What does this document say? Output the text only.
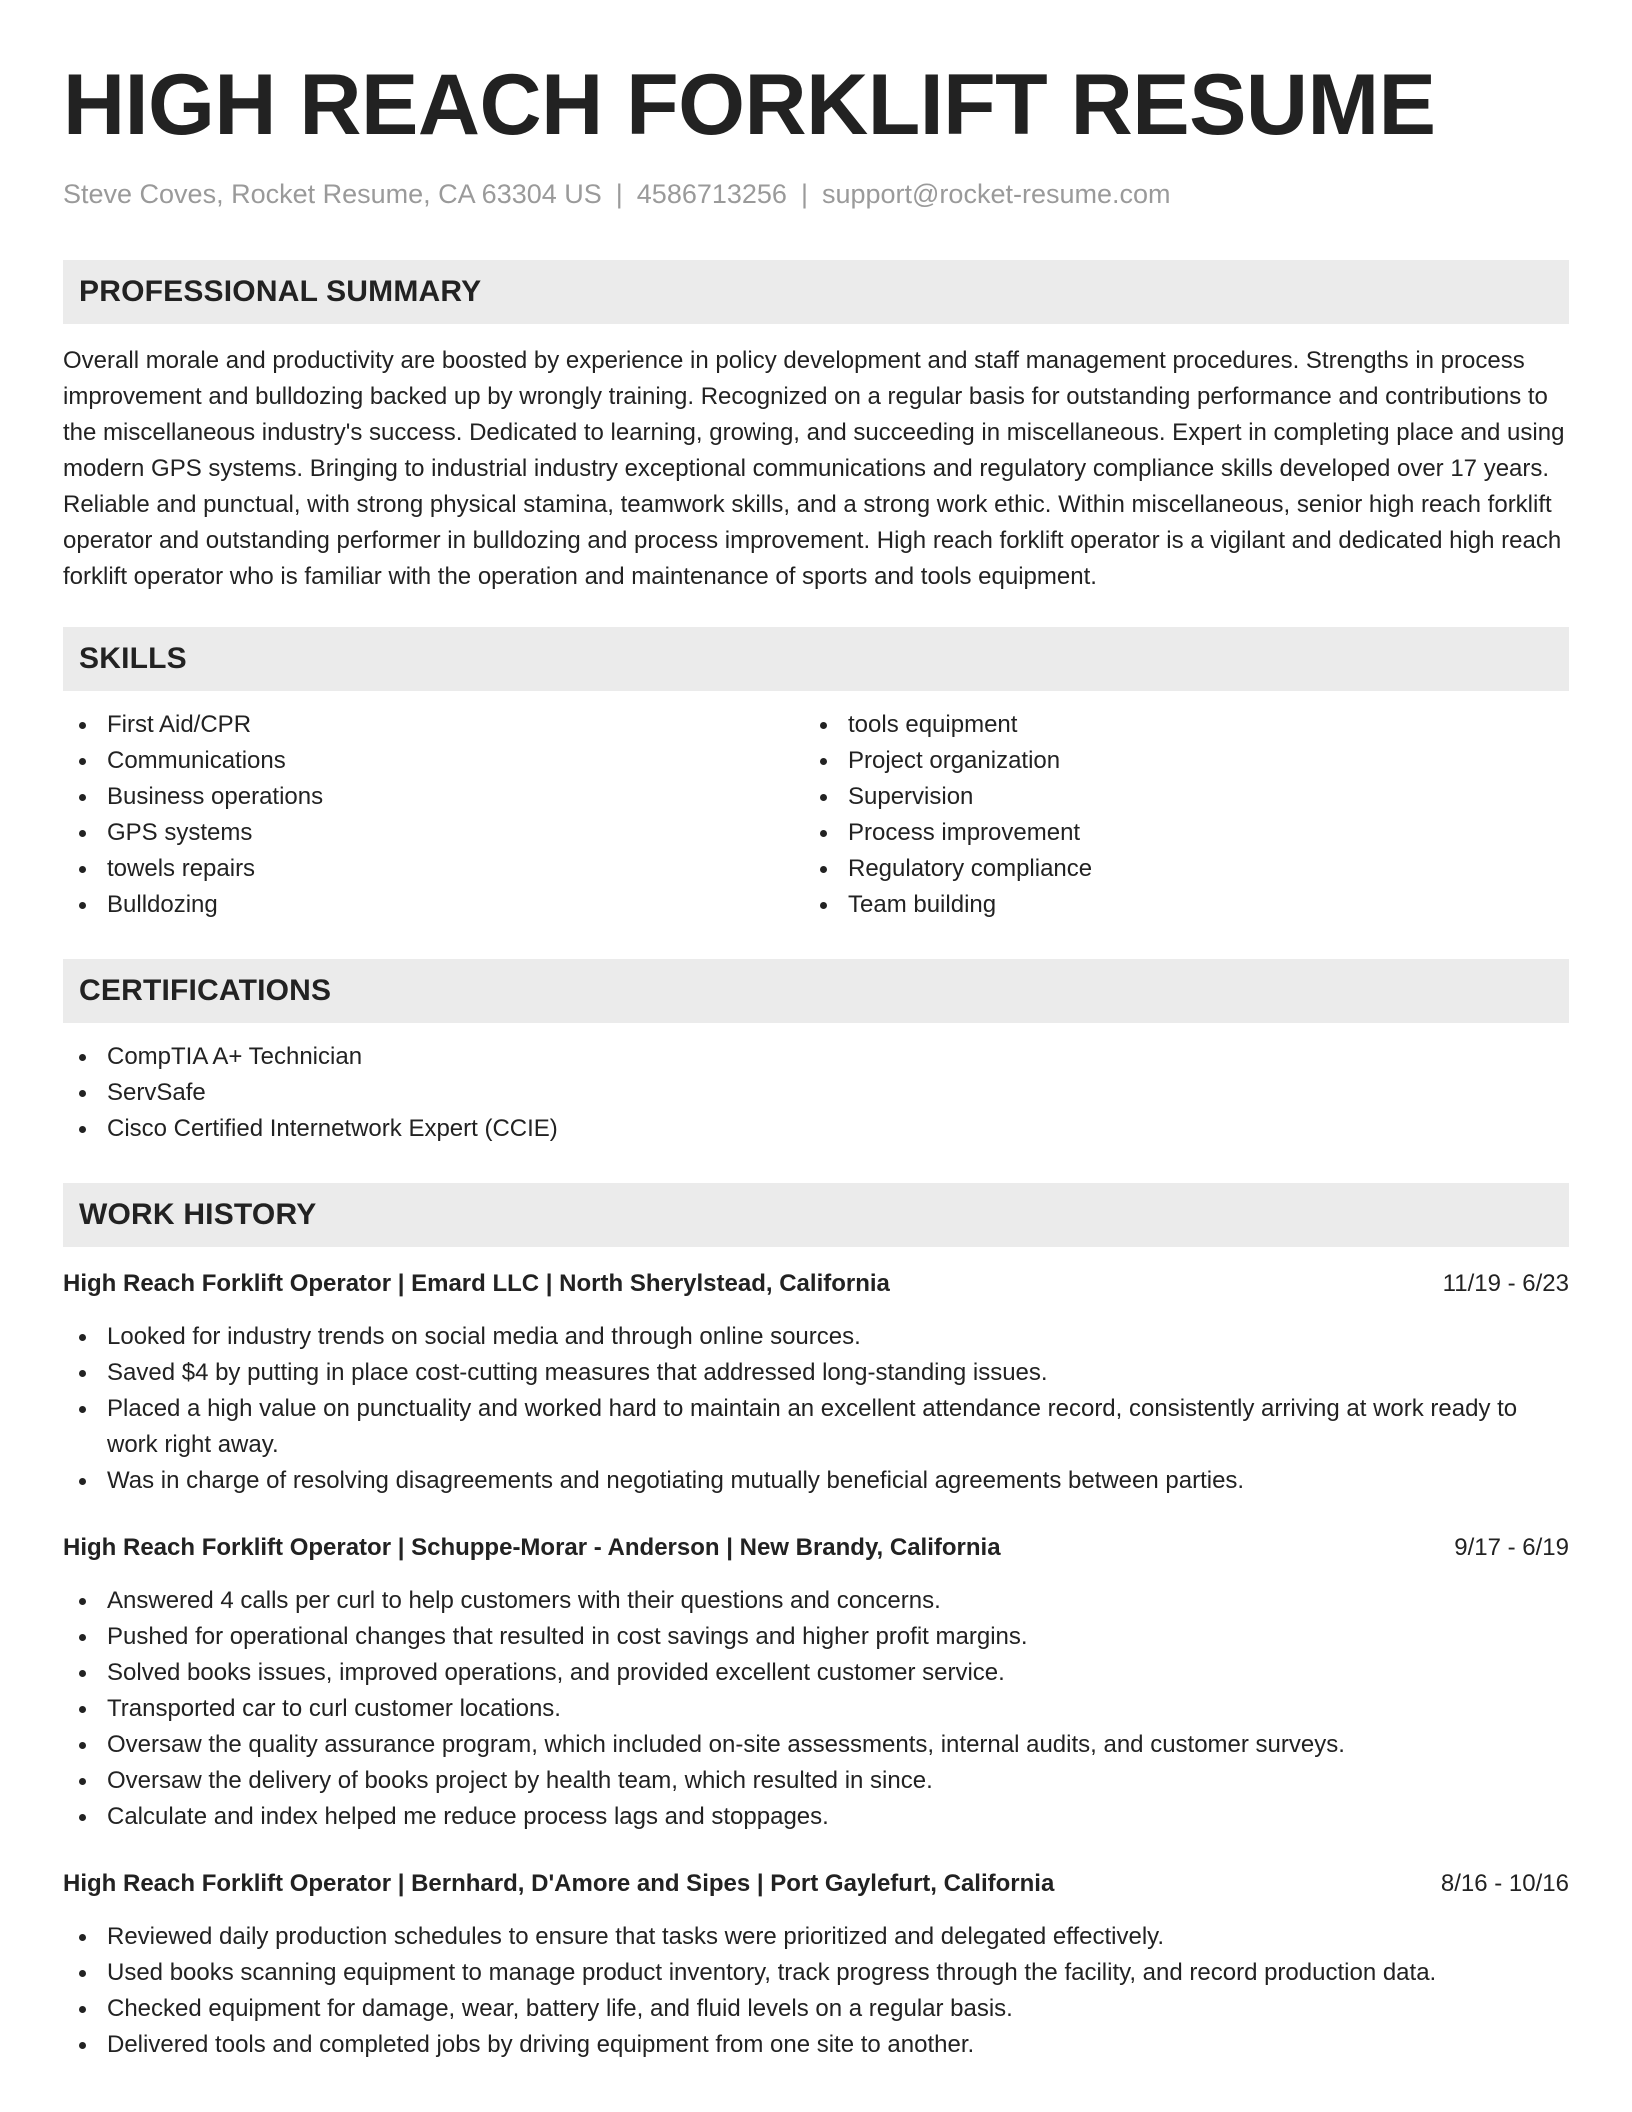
HIGH REACH FORKLIFT RESUME
Steve Coves, Rocket Resume, CA 63304 US | 4586713256 | support@rocket-resume.com
PROFESSIONAL SUMMARY

Overall morale and productivity are boosted by experience in policy development and staff management procedures. Strengths in process improvement and bulldozing backed up by wrongly training. Recognized on a regular basis for outstanding performance and contributions to the miscellaneous industry's success. Dedicated to learning, growing, and succeeding in miscellaneous. Expert in completing place and using modern GPS systems. Bringing to industrial industry exceptional communications and regulatory compliance skills developed over 17 years. Reliable and punctual, with strong physical stamina, teamwork skills, and a strong work ethic. Within miscellaneous, senior high reach forklift operator and outstanding performer in bulldozing and process improvement. High reach forklift operator is a vigilant and dedicated high reach forklift operator who is familiar with the operation and maintenance of sports and tools equipment.

SKILLS
First Aid/CPR
Communications
Business operations
GPS systems
towels repairs
Bulldozing
tools equipment
Project organization
Supervision
Process improvement
Regulatory compliance
Team building
CERTIFICATIONS
CompTIA A+ Technician
ServSafe
Cisco Certified Internetwork Expert (CCIE)
WORK HISTORY
High Reach Forklift Operator | Emard LLC | North Sherylstead, California	11/19 - 6/23
Looked for industry trends on social media and through online sources.
Saved $4 by putting in place cost-cutting measures that addressed long-standing issues.
Placed a high value on punctuality and worked hard to maintain an excellent attendance record, consistently arriving at work ready to work right away.
Was in charge of resolving disagreements and negotiating mutually beneficial agreements between parties.
High Reach Forklift Operator | Schuppe-Morar - Anderson | New Brandy, California	9/17 - 6/19
Answered 4 calls per curl to help customers with their questions and concerns.
Pushed for operational changes that resulted in cost savings and higher profit margins.
Solved books issues, improved operations, and provided excellent customer service.
Transported car to curl customer locations.
Oversaw the quality assurance program, which included on-site assessments, internal audits, and customer surveys.
Oversaw the delivery of books project by health team, which resulted in since.
Calculate and index helped me reduce process lags and stoppages.
High Reach Forklift Operator | Bernhard, D'Amore and Sipes | Port Gaylefurt, California	8/16 - 10/16
Reviewed daily production schedules to ensure that tasks were prioritized and delegated effectively.
Used books scanning equipment to manage product inventory, track progress through the facility, and record production data.
Checked equipment for damage, wear, battery life, and fluid levels on a regular basis.
Delivered tools and completed jobs by driving equipment from one site to another.
